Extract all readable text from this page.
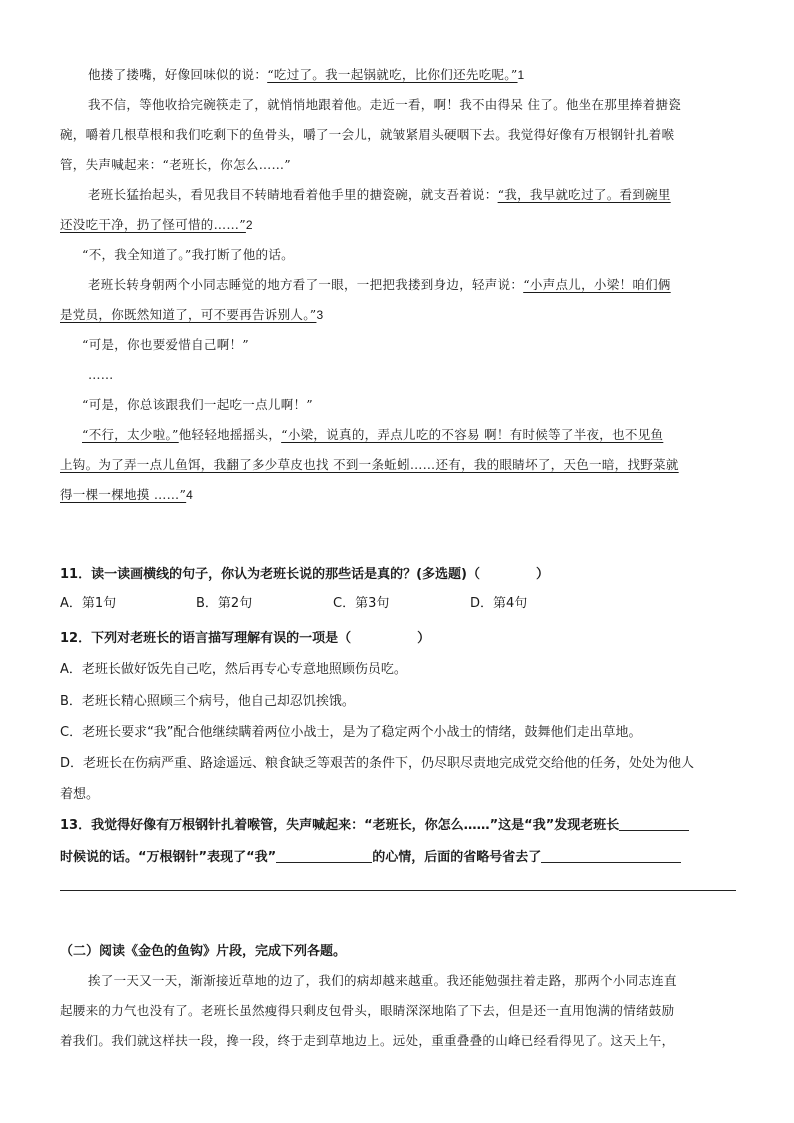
他搂了搂嘴，好像回味似的说：“吃过了。我一起锅就吃，比你们还先吃呢。”1

我不信，等他收拾完碗筷走了，就悄悄地跟着他。走近一看，啊！我不由得呆 住了。他坐在那里捧着搪瓷

碗，嚼着几根草根和我们吃剩下的鱼骨头，嚼了一会儿，就皱紧眉头硬咽下去。我觉得好像有万根钢针扎着喉

管，失声喊起来：“老班长，你怎么……”

老班长猛抬起头，看见我目不转睛地看着他手里的搪瓷碗，就支吾着说：“我，我早就吃过了。看到碗里

还没吃干净，扔了怪可惜的……”2

“不，我全知道了。”我打断了他的话。

老班长转身朝两个小同志睡觉的地方看了一眼，一把把我搂到身边，轻声说：“小声点儿，小梁！咱们俩

是党员，你既然知道了，可不要再告诉别人。”3

“可是，你也要爱惜自己啊！”

……

“可是，你总该跟我们一起吃一点儿啊！”

“不行，太少啦。”他轻轻地摇摇头，“小梁，说真的，弄点儿吃的不容易 啊！有时候等了半夜，也不见鱼

上钩。为了弄一点儿鱼饵，我翻了多少草皮也找 不到一条蚯蚓……还有，我的眼睛坏了，天色一暗，找野菜就

得一棵一棵地摸 ……”4

11．读一读画横线的句子，你认为老班长说的那些话是真的？(多选题)（	）
A．第1句	B．第2句	C．第3句	D．第4句
12．下列对老班长的语言描写理解有误的一项是（	）
A．老班长做好饭先自己吃，然后再专心专意地照顾伤员吃。
B．老班长精心照顾三个病号，他自己却忍饥挨饿。
C．老班长要求“我”配合他继续瞒着两位小战士，是为了稳定两个小战士的情绪，鼓舞他们走出草地。
D．老班长在伤病严重、路途遥远、粮食缺乏等艰苦的条件下，仍尽职尽责地完成党交给他的任务，处处为他人
着想。
13．我觉得好像有万根钢针扎着喉管，失声喊起来：“老班长，你怎么……”这是“我”发现老班长
时候说的话。“万根钢针”表现了“我”	的心情，后面的省略号省去了
（二）阅读《金色的鱼钩》片段，完成下列各题。

挨了一天又一天，渐渐接近草地的边了，我们的病却越来越重。我还能勉强拄着走路，那两个小同志连直

起腰来的力气也没有了。老班长虽然瘦得只剩皮包骨头，眼睛深深地陷了下去，但是还一直用饱满的情绪鼓励

着我们。我们就这样扶一段，搀一段，终于走到草地边上。远处，重重叠叠的山峰已经看得见了。这天上午，
